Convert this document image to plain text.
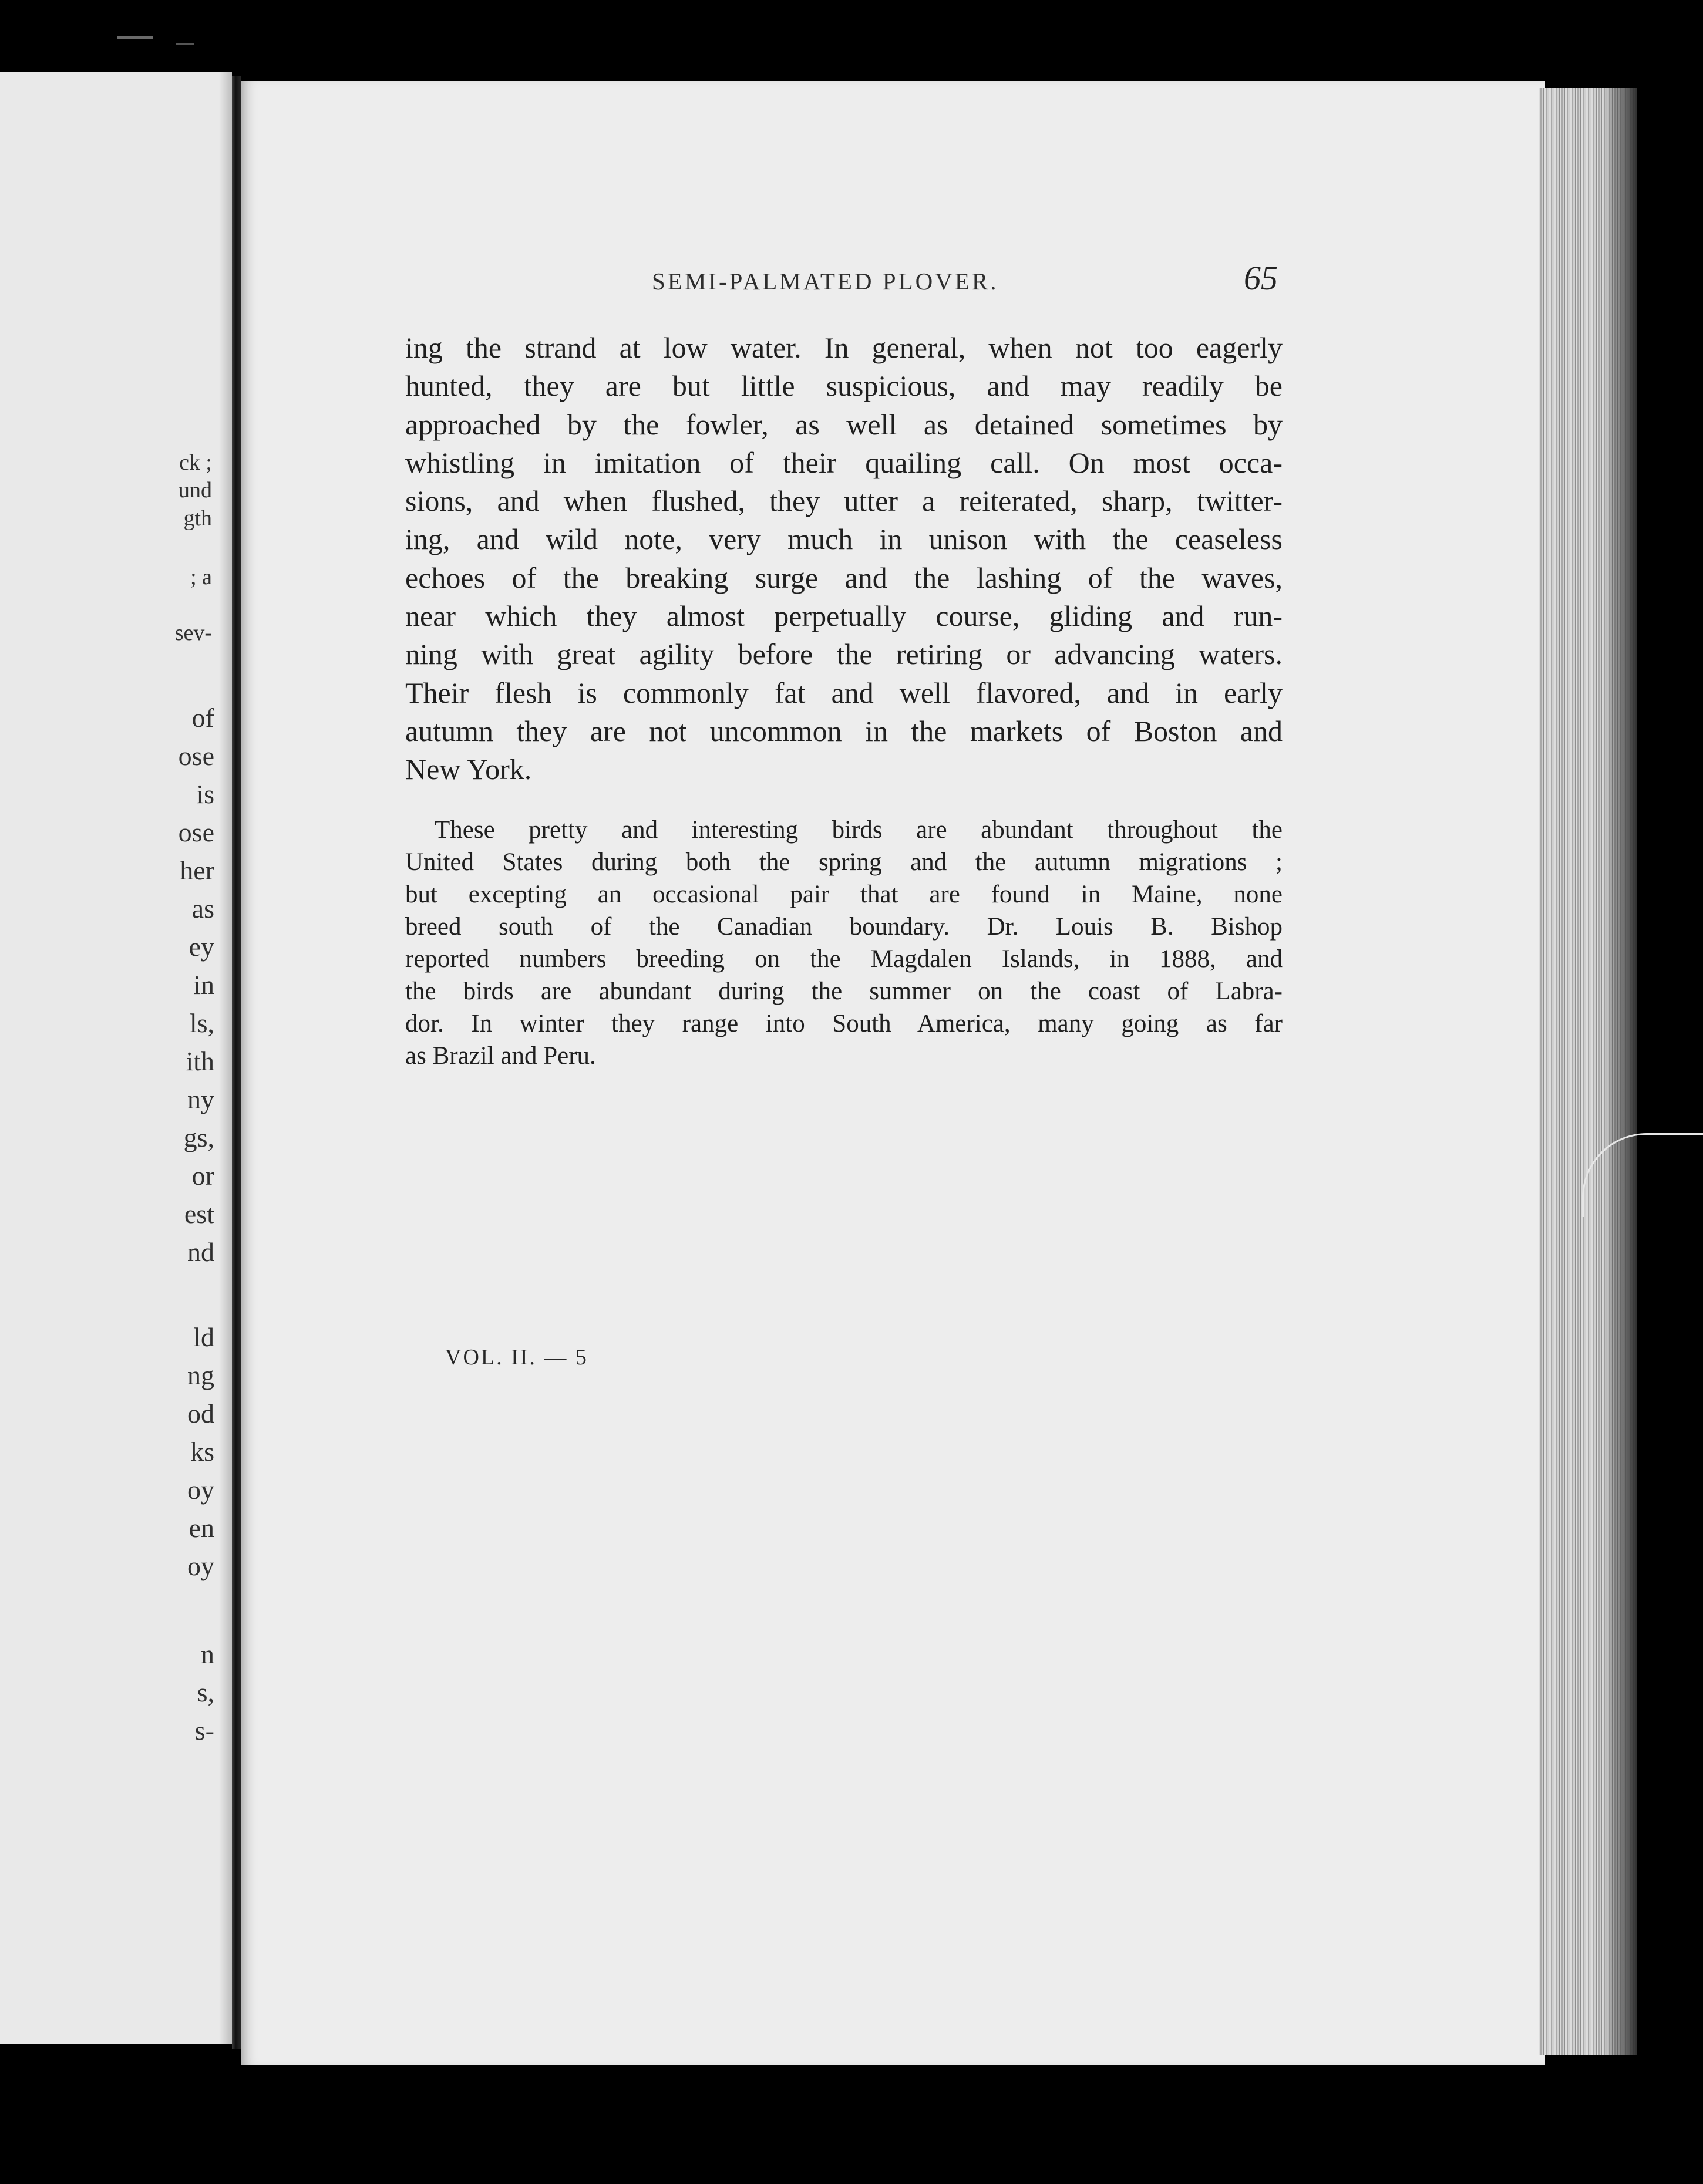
ck ;
und
gth
; a
sev-
of
ose
is
ose
her
as
ey
in
ls,
ith
ny
gs,
or
est
nd
ld
ng
od
ks
oy
en
oy
n
s,
s-
SEMI-PALMATED PLOVER.	65

ing the strand at low water. In general, when not too eagerly
hunted, they are but little suspicious, and may readily be
approached by the fowler, as well as detained sometimes by
whistling in imitation of their quailing call. On most occa-
sions, and when flushed, they utter a reiterated, sharp, twitter-
ing, and wild note, very much in unison with the ceaseless
echoes of the breaking surge and the lashing of the waves,
near which they almost perpetually course, gliding and run-
ning with great agility before the retiring or advancing waters.
Their flesh is commonly fat and well flavored, and in early
autumn they are not uncommon in the markets of Boston and
New York.

These pretty and interesting birds are abundant throughout the
United States during both the spring and the autumn migrations ;
but excepting an occasional pair that are found in Maine, none
breed south of the Canadian boundary. Dr. Louis B. Bishop
reported numbers breeding on the Magdalen Islands, in 1888, and
the birds are abundant during the summer on the coast of Labra-
dor. In winter they range into South America, many going as far
as Brazil and Peru.

VOL. II. — 5
